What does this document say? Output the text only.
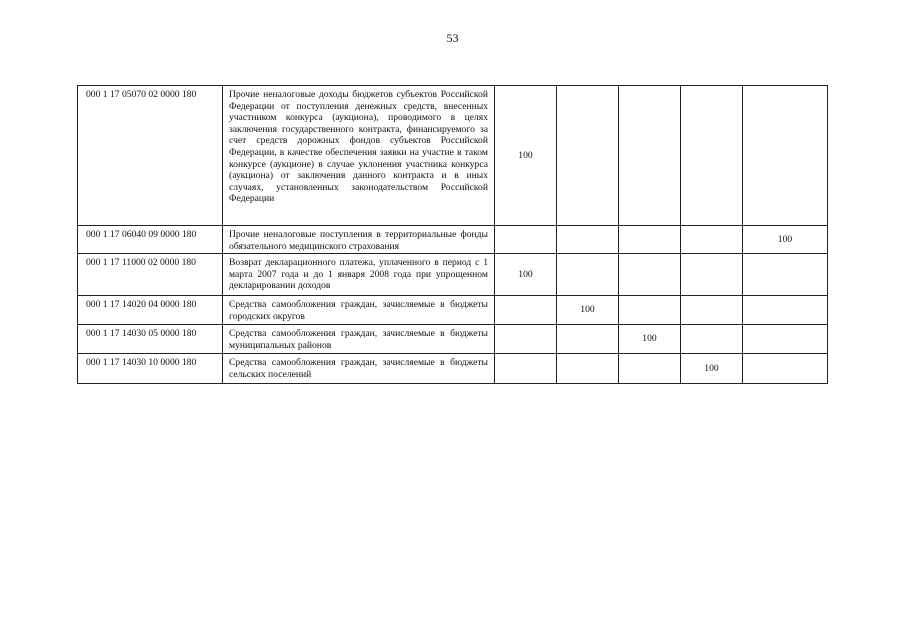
53
000 1 17 05070 02 0000 180	Прочие неналоговые доходы бюджетов субъектов Российской Федерации от поступления денежных средств, внесенных участником конкурса (аукциона), проводимого в целях заключения государственного контракта, финансируемого за счет средств дорожных фондов субъектов Российской Федерации, в качестве обеспечения заявки на участие в таком конкурсе (аукционе) в случае уклонения участника конкурса (аукциона) от заключения данного контракта и в иных случаях, установленных законодательством Российской Федерации	100				
000 1 17 06040 09 0000 180	Прочие неналоговые поступления в территориальные фонды обязательного медицинского страхования					100
000 1 17 11000 02 0000 180	Возврат декларационного платежа, уплаченного в период с 1 марта 2007 года и до 1 января 2008 года при упрощенном декларировании доходов	100				
000 1 17 14020 04 0000 180	Средства самообложения граждан, зачисляемые в бюджеты городских округов		100			
000 1 17 14030 05 0000 180	Средства самообложения граждан, зачисляемые в бюджеты муниципальных районов			100		
000 1 17 14030 10 0000 180	Средства самообложения граждан, зачисляемые в бюджеты сельских поселений				100	
